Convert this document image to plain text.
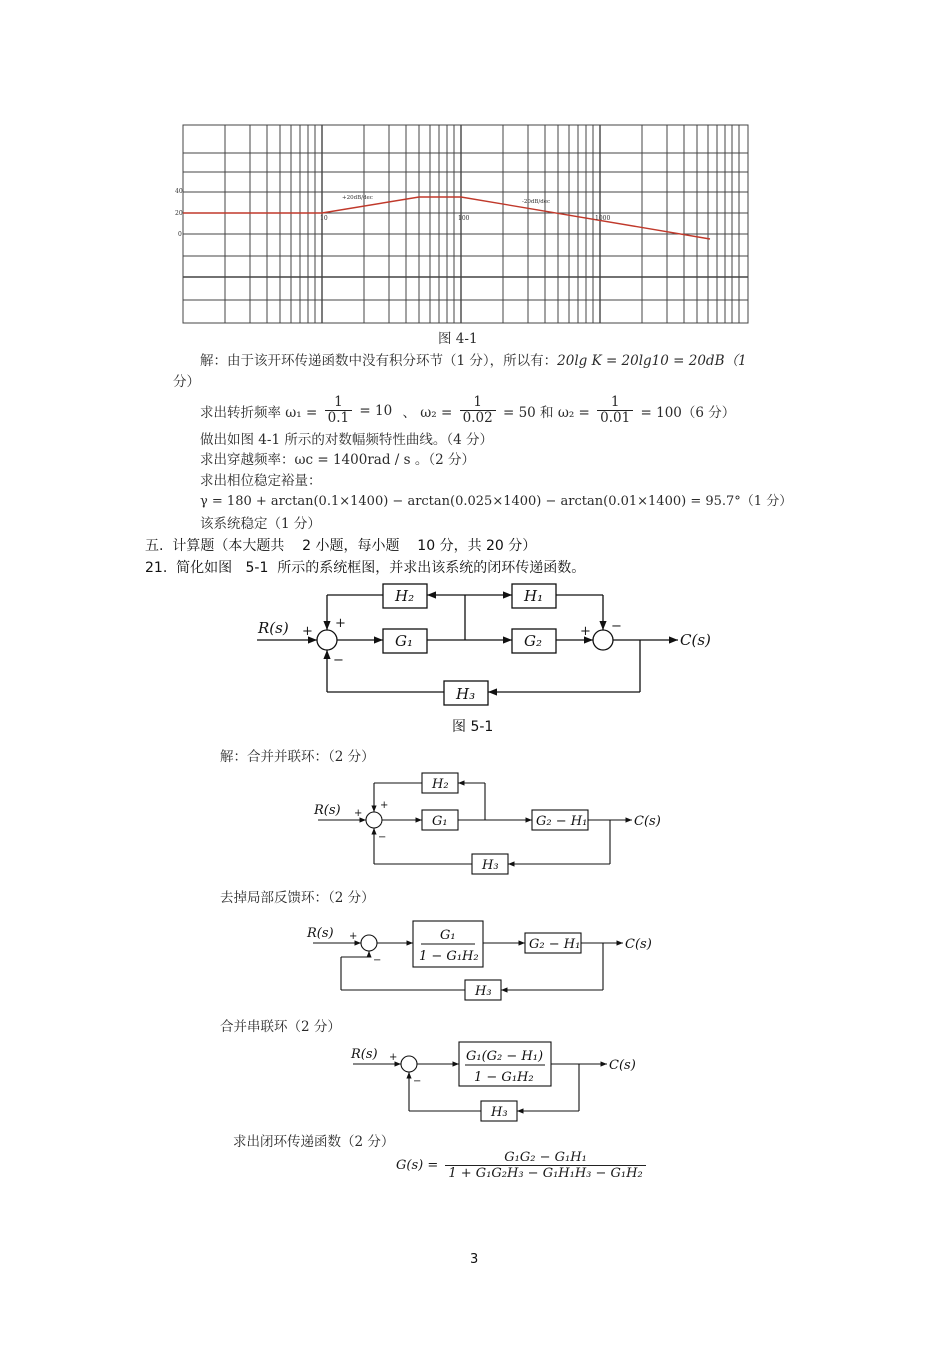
40
20
0
+20dB/dec
-20dB/dec
10	100	1000
图 4-1
解：由于该开环传递函数中没有积分环节（1 分），所以有：20lg K = 20lg10 = 20dB（1
分）
求出转折频率 $\omega_1 = \frac{1}{0.1} = 10$ 、 $\omega_2 = \frac{1}{0.02} = 50$ 和 $\omega_2 = \frac{1}{0.01} = 100(6$ 分）
做出如图 4-1 所示的对数幅频特性曲线。（4 分）
求出穿越频率：ωc = 1400rad / s 。（2 分）
求出相位稳定裕量：
γ = 180 + arctan(0.1×1400) − arctan(0.025×1400) − arctan(0.01×1400) = 95.7°（1 分）
该系统稳定（1 分）
五.  计算题（本大题共    2 小题，每小题    10 分，共 20 分）
21.  简化如图   5-1  所示的系统框图，并求出该系统的闭环传递函数。
R(s)
C(s)
G₁	G₂
H₂	H₁
H₃
+
+
−
+ −
图 5-1
解：合并并联环：（2 分）
R(s)
C(s)
G₁
H₂
G₂ − H₁
H₃
+
+
−
去掉局部反馈环：（2 分）
R(s)
C(s)
G₁
1 − G₁H₂
G₂ − H₁
H₃
+
−
合并串联环（2 分）
R(s)
C(s)
G₁(G₂ − H₁)
1 − G₁H₂
H₃
+
−
求出闭环传递函数（2 分）
$G(s) = \frac{\text{G₁G₂ − G₁H₁}}{\text{1 + G₁G₂H₃ − G₁H₁H₃ − G₁H₂}}$
3
